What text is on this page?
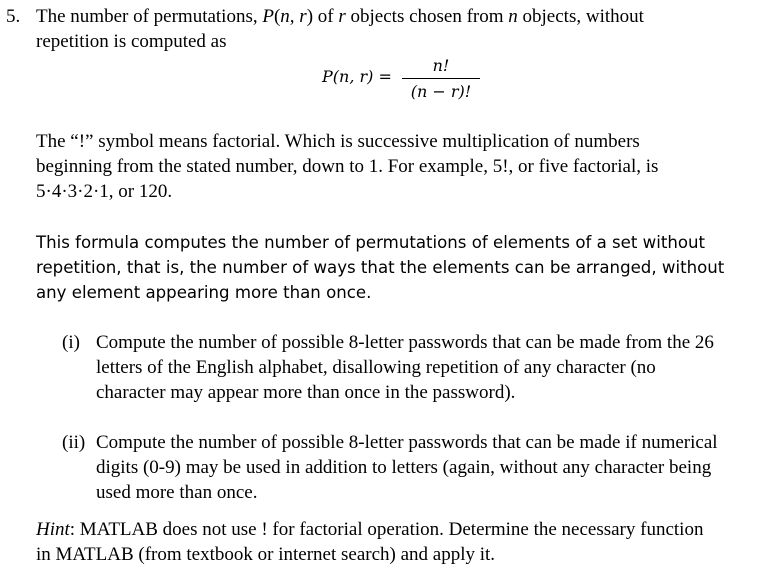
5. The number of permutations, P(n, r) of r objects chosen from n objects, without
repetition is computed as
P(n, r) =
n!
(n − r)!
The “!” symbol means factorial. Which is successive multiplication of numbers
beginning from the stated number, down to 1. For example, 5!, or five factorial, is
5·4·3·2·1, or 120.
This formula computes the number of permutations of elements of a set without
repetition, that is, the number of ways that the elements can be arranged, without
any element appearing more than once.
(i) Compute the number of possible 8-letter passwords that can be made from the 26
letters of the English alphabet, disallowing repetition of any character (no
character may appear more than once in the password).
(ii) Compute the number of possible 8-letter passwords that can be made if numerical
digits (0-9) may be used in addition to letters (again, without any character being
used more than once.
Hint: MATLAB does not use ! for factorial operation. Determine the necessary function
in MATLAB (from textbook or internet search) and apply it.
